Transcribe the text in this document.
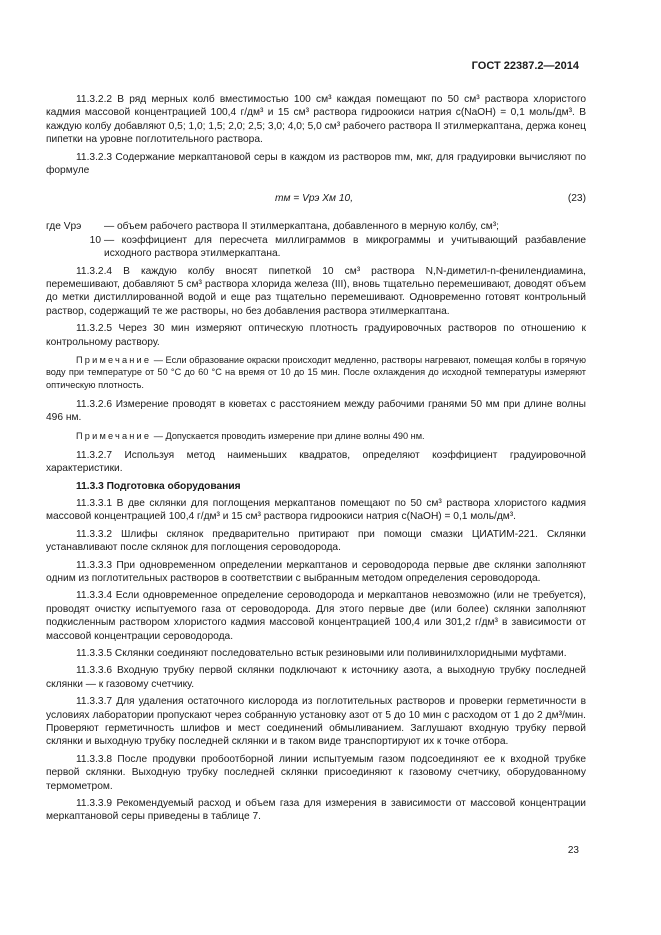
ГОСТ 22387.2—2014

11.3.2.2 В ряд мерных колб вместимостью 100 см³ каждая помещают по 50 см³ раствора хлористого кадмия массовой концентрацией 100,4 г/дм³ и 15 см³ раствора гидроокиси натрия c(NaOH) = 0,1 моль/дм³. В каждую колбу добавляют 0,5; 1,0; 1,5; 2,0; 2,5; 3,0; 4,0; 5,0 см³ рабочего раствора II этилмеркаптана, держа конец пипетки на уровне поглотительного раствора.

11.3.2.3 Содержание меркаптановой серы в каждом из растворов mм, мкг, для градуировки вычисляют по формуле

mм = Vрэ Xм 10,	(23)
где Vрэ	— объем рабочего раствора II этилмеркаптана, добавленного в мерную колбу, см³;
10 — коэффициент для пересчета миллиграммов в микрограммы и учитывающий разбавление исходного раствора этилмеркаптана.

11.3.2.4 В каждую колбу вносят пипеткой 10 см³ раствора N,N-диметил-n-фенилендиамина, перемешивают, добавляют 5 см³ раствора хлорида железа (III), вновь тщательно перемешивают, доводят объем до метки дистиллированной водой и еще раз тщательно перемешивают. Одновременно готовят контрольный раствор, содержащий те же растворы, но без добавления раствора этилмеркаптана.

11.3.2.5 Через 30 мин измеряют оптическую плотность градуировочных растворов по отношению к контрольному раствору.

Примечание — Если образование окраски происходит медленно, растворы нагревают, помещая колбы в горячую воду при температуре от 50 °С до 60 °С на время от 10 до 15 мин. После охлаждения до исходной температуры измеряют оптическую плотность.

11.3.2.6 Измерение проводят в кюветах с расстоянием между рабочими гранями 50 мм при длине волны 496 нм.

Примечание — Допускается проводить измерение при длине волны 490 нм.

11.3.2.7 Используя метод наименьших квадратов, определяют коэффициент градуировочной характеристики.

11.3.3 Подготовка оборудования

11.3.3.1 В две склянки для поглощения меркаптанов помещают по 50 см³ раствора хлористого кадмия массовой концентрацией 100,4 г/дм³ и 15 см³ раствора гидроокиси натрия c(NaOH) = 0,1 моль/дм³.

11.3.3.2 Шлифы склянок предварительно притирают при помощи смазки ЦИАТИМ-221. Склянки устанавливают после склянок для поглощения сероводорода.

11.3.3.3 При одновременном определении меркаптанов и сероводорода первые две склянки заполняют одним из поглотительных растворов в соответствии с выбранным методом определения сероводорода.

11.3.3.4 Если одновременное определение сероводорода и меркаптанов невозможно (или не требуется), проводят очистку испытуемого газа от сероводорода. Для этого первые две (или более) склянки заполняют подкисленным раствором хлористого кадмия массовой концентрацией 100,4 или 301,2 г/дм³ в зависимости от массовой концентрации сероводорода.

11.3.3.5 Склянки соединяют последовательно встык резиновыми или поливинилхлоридными муфтами.

11.3.3.6 Входную трубку первой склянки подключают к источнику азота, а выходную трубку последней склянки — к газовому счетчику.

11.3.3.7 Для удаления остаточного кислорода из поглотительных растворов и проверки герметичности в условиях лаборатории пропускают через собранную установку азот от 5 до 10 мин с расходом от 1 до 2 дм³/мин. Проверяют герметичность шлифов и мест соединений обмыливанием. Заглушают входную трубку первой склянки и выходную трубку последней склянки и в таком виде транспортируют их к точке отбора.

11.3.3.8 После продувки пробоотборной линии испытуемым газом подсоединяют ее к входной трубке первой склянки. Выходную трубку последней склянки присоединяют к газовому счетчику, оборудованному термометром.

11.3.3.9 Рекомендуемый расход и объем газа для измерения в зависимости от массовой концентрации меркаптановой серы приведены в таблице 7.

23
